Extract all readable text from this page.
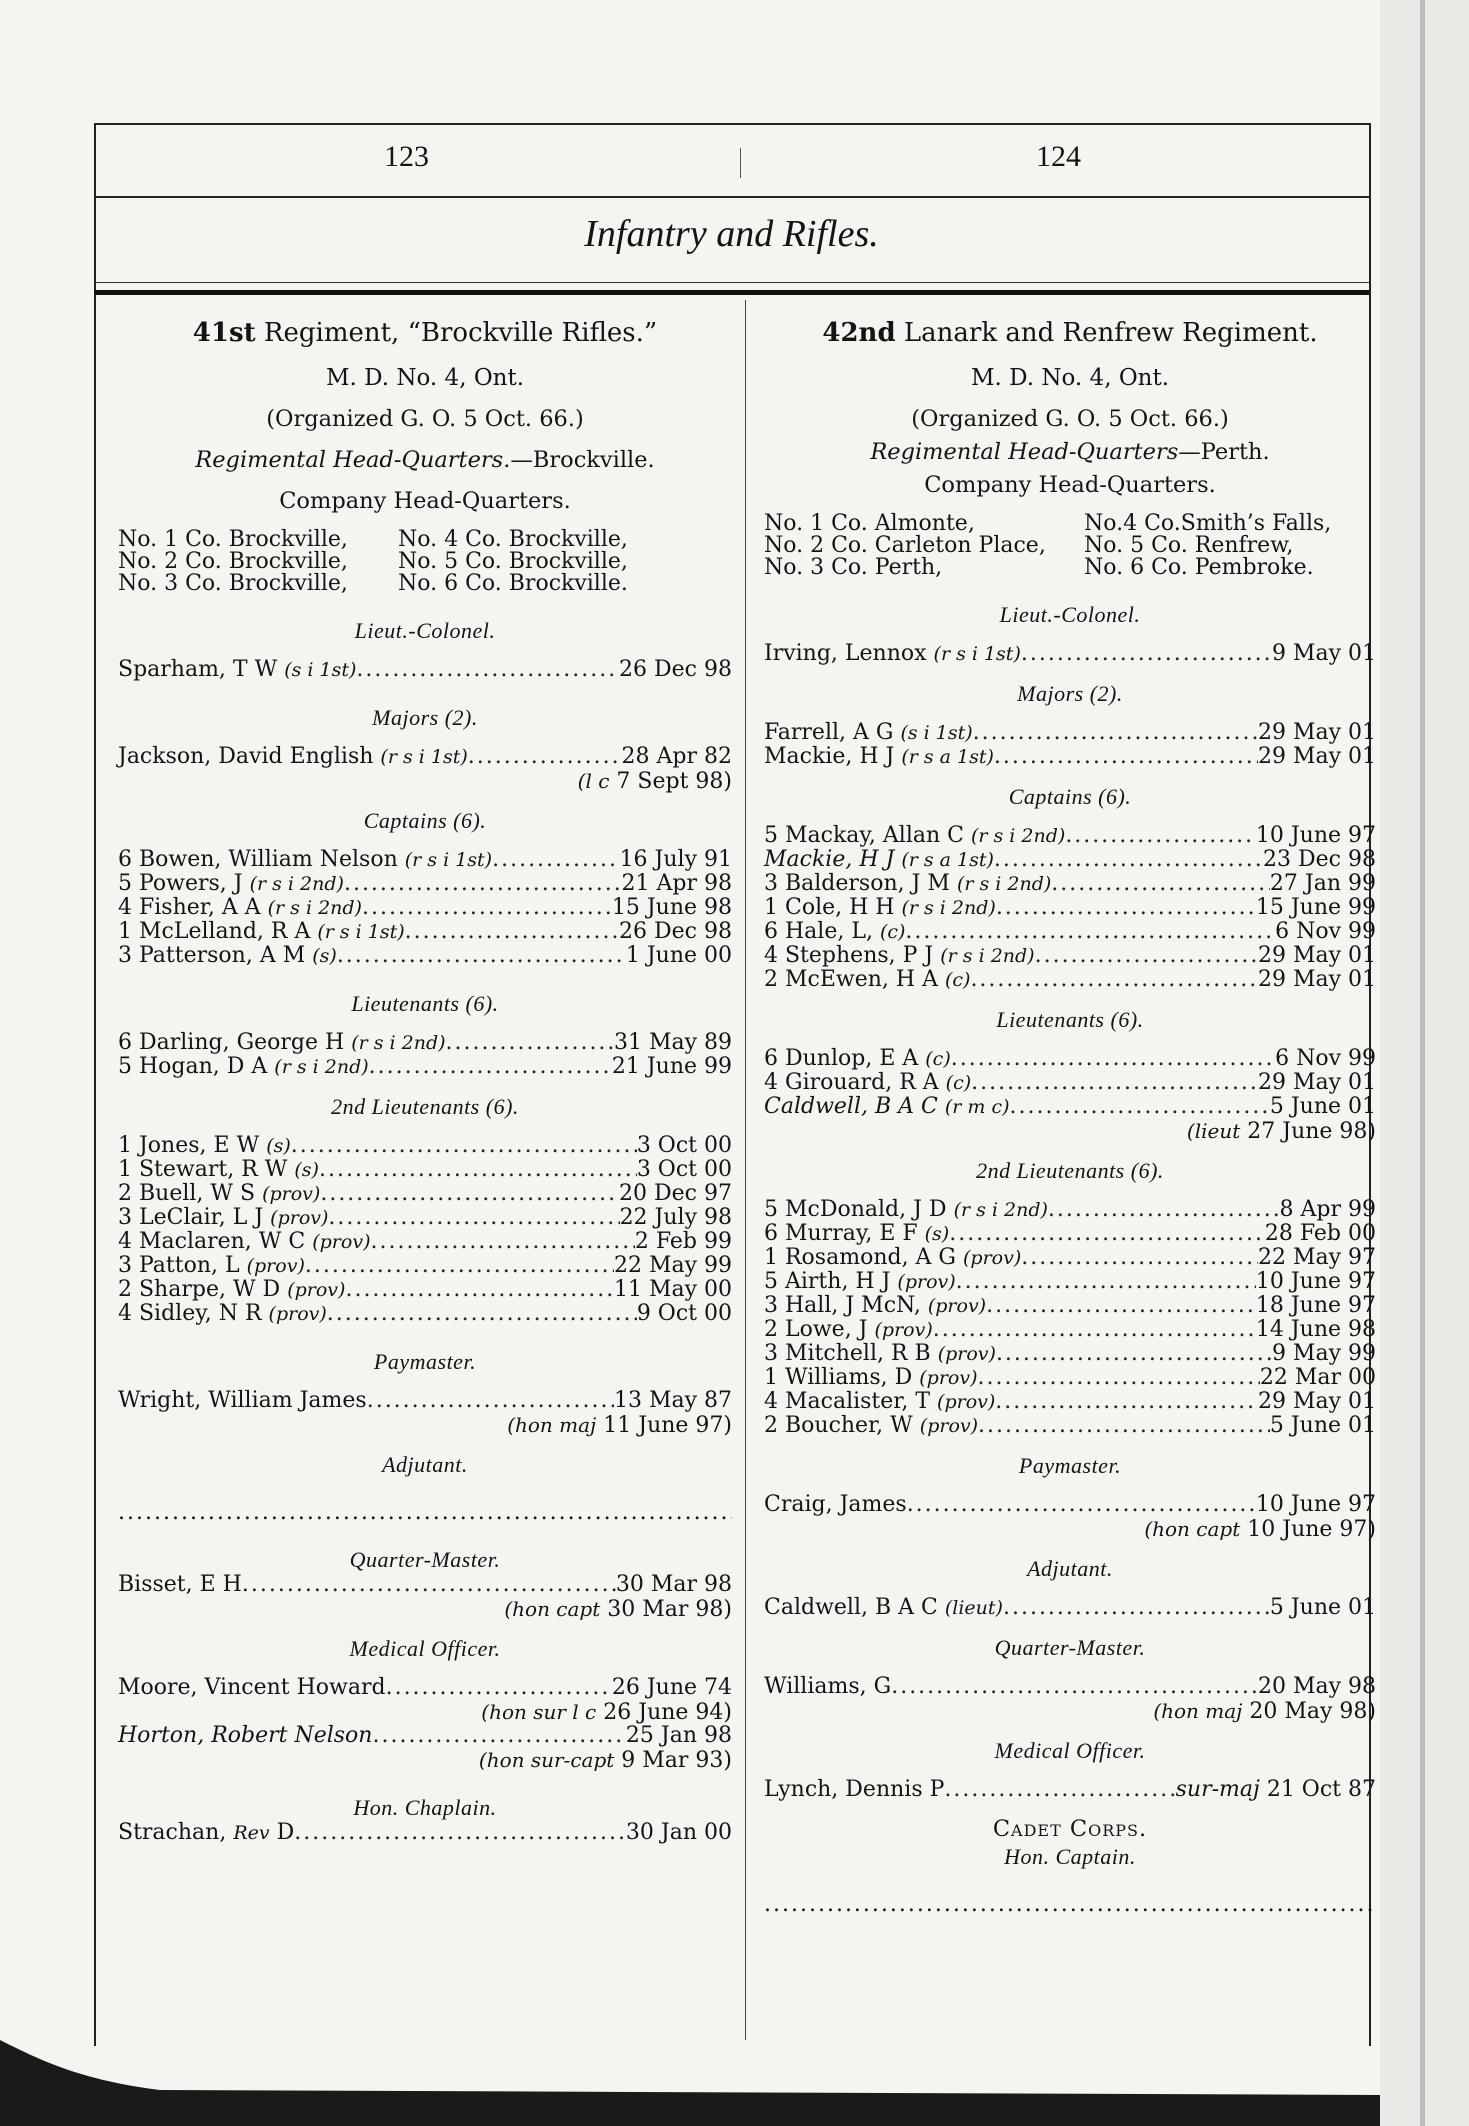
123	124
Infantry and Rifles.
41st Regiment, “Brockville Rifles.”
M. D. No. 4, Ont.
(Organized G. O. 5 Oct. 66.)
Regimental Head-Quarters.—Brockville.
Company Head-Quarters.
No. 1 Co. Brockville, No. 4 Co. Brockville,
No. 2 Co. Brockville, No. 5 Co. Brockville,
No. 3 Co. Brockville, No. 6 Co. Brockville.
Lieut.-Colonel.
Sparham, T W (s i 1st) .....	26 Dec 98
Majors (2).
Jackson, David English (r s i 1st) .....	28 Apr 82
(l c 7 Sept 98)
Captains (6).
6 Bowen, William Nelson (r s i 1st) .....	16 July 91
5 Powers, J (r s i 2nd) .....	21 Apr 98
4 Fisher, A A (r s i 2nd) .....	15 June 98
1 McLelland, R A (r s i 1st) .....	26 Dec 98
3 Patterson, A M (s) .....	1 June 00
Lieutenants (6).
6 Darling, George H (r s i 2nd) .....	31 May 89
5 Hogan, D A (r s i 2nd) .....	21 June 99
2nd Lieutenants (6).
1 Jones, E W (s) .....	3 Oct 00
1 Stewart, R W (s) .....	3 Oct 00
2 Buell, W S (prov) .....	20 Dec 97
3 LeClair, L J (prov) .....	22 July 98
4 Maclaren, W C (prov) .....	2 Feb 99
3 Patton, L (prov) .....	22 May 99
2 Sharpe, W D (prov) .....	11 May 00
4 Sidley, N R (prov) .....	9 Oct 00
Paymaster.
Wright, William James .....	13 May 87
(hon maj 11 June 97)
Adjutant.
.....
Quarter-Master.
Bisset, E H .....	30 Mar 98
(hon capt 30 Mar 98)
Medical Officer.
Moore, Vincent Howard .....	26 June 74
(hon sur l c 26 June 94)
Horton, Robert Nelson .....	25 Jan 98
(hon sur-capt 9 Mar 93)
Hon. Chaplain.
Strachan, Rev D .....	30 Jan 00
42nd Lanark and Renfrew Regiment.
M. D. No. 4, Ont.
(Organized G. O. 5 Oct. 66.)
Regimental Head-Quarters—Perth.
Company Head-Quarters.
No. 1 Co. Almonte,	No.4 Co.Smith’s Falls,
No. 2 Co. Carleton Place, No. 5 Co. Renfrew,
No. 3 Co. Perth,	No. 6 Co. Pembroke.
Lieut.-Colonel.
Irving, Lennox (r s i 1st) .....	9 May 01
Majors (2).
Farrell, A G (s i 1st) .....	29 May 01
Mackie, H J (r s a 1st) .....	29 May 01
Captains (6).
5 Mackay, Allan C (r s i 2nd) .....	10 June 97
Mackie, H J (r s a 1st) .....	23 Dec 98
3 Balderson, J M (r s i 2nd) .....	27 Jan 99
1 Cole, H H (r s i 2nd) .....	15 June 99
6 Hale, L, (c) .....	6 Nov 99
4 Stephens, P J (r s i 2nd) .....	29 May 01
2 McEwen, H A (c) .....	29 May 01
Lieutenants (6).
6 Dunlop, E A (c) .....	6 Nov 99
4 Girouard, R A (c) .....	29 May 01
Caldwell, B A C (r m c) .....	5 June 01
(lieut 27 June 98)
2nd Lieutenants (6).
5 McDonald, J D (r s i 2nd) .....	8 Apr 99
6 Murray, E F (s) .....	28 Feb 00
1 Rosamond, A G (prov) .....	22 May 97
5 Airth, H J (prov) .....	10 June 97
3 Hall, J McN, (prov) .....	18 June 97
2 Lowe, J (prov) .....	14 June 98
3 Mitchell, R B (prov) .....	9 May 99
1 Williams, D (prov) .....	22 Mar 00
4 Macalister, T (prov) .....	29 May 01
2 Boucher, W (prov) .....	5 June 01
Paymaster.
Craig, James .....	10 June 97
(hon capt 10 June 97)
Adjutant.
Caldwell, B A C (lieut) .....	5 June 01
Quarter-Master.
Williams, G .....	20 May 98
(hon maj 20 May 98)
Medical Officer.
Lynch, Dennis P .....	sur-maj 21 Oct 87
Cadet Corps.
Hon. Captain.
.....
